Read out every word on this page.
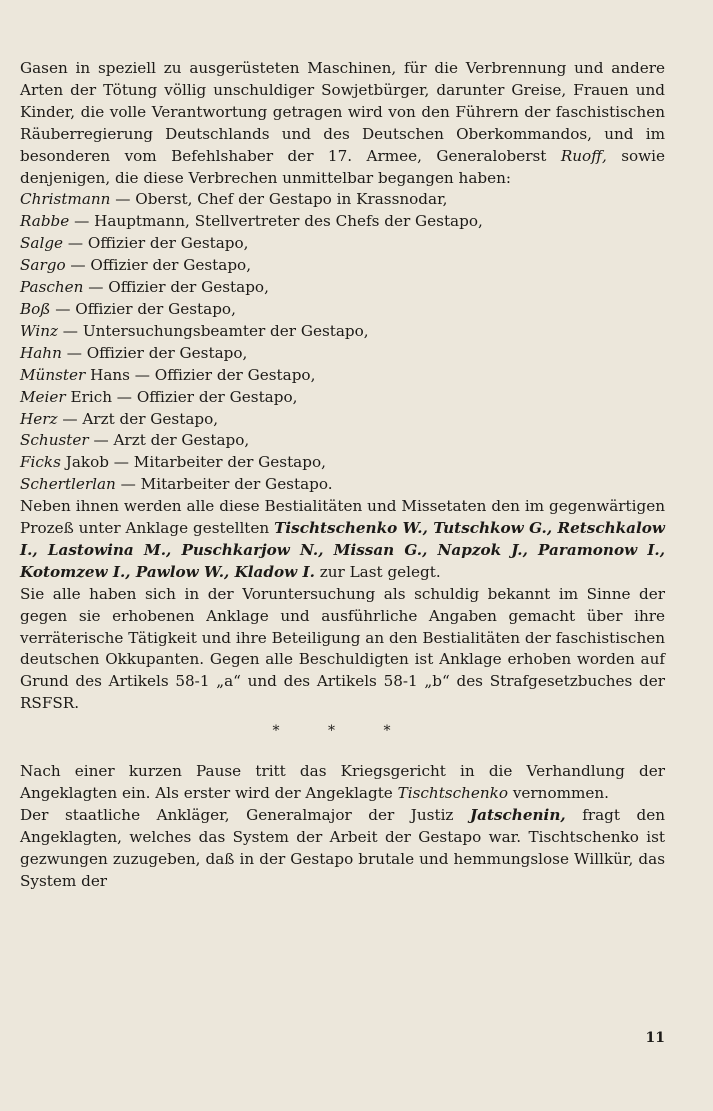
Gasen in speziell zu ausgerüsteten Maschinen, für die Verbrennung und andere Arten der Tötung völlig unschuldiger Sowjetbürger, darunter Greise, Frauen und Kinder, die volle Verantwortung getragen wird von den Führern der faschistischen Räuberregierung Deutschlands und des Deutschen Oberkommandos, und im besonderen vom Befehlshaber der 17. Armee, Generaloberst Ruoff, sowie denjenigen, die diese Verbrechen unmittelbar begangen haben:

Christmann — Oberst, Chef der Gestapo in Krassnodar,
Rabbe — Hauptmann, Stellvertreter des Chefs der Gestapo,
Salge — Offizier der Gestapo,
Sargo — Offizier der Gestapo,
Paschen — Offizier der Gestapo,
Boß — Offizier der Gestapo,
Winz — Untersuchungsbeamter der Gestapo,
Hahn — Offizier der Gestapo,
Münster Hans — Offizier der Gestapo,
Meier Erich — Offizier der Gestapo,
Herz — Arzt der Gestapo,
Schuster — Arzt der Gestapo,
Ficks Jakob — Mitarbeiter der Gestapo,
Schertlerlan — Mitarbeiter der Gestapo.

Neben ihnen werden alle diese Bestialitäten und Missetaten den im gegenwärtigen Prozeß unter Anklage gestellten Tischtschenko W., Tutschkow G., Retschkalow I., Lastowina M., Puschkarjow N., Missan G., Napzok J., Paramonow I., Kotomzew I., Pawlow W., Kladow I. zur Last gelegt.

Sie alle haben sich in der Voruntersuchung als schuldig bekannt im Sinne der gegen sie erhobenen Anklage und ausführliche Angaben gemacht über ihre verräterische Tätigkeit und ihre Beteiligung an den Bestialitäten der faschistischen deutschen Okkupanten. Gegen alle Beschuldigten ist Anklage erhoben worden auf Grund des Artikels 58-1 „a“ und des Artikels 58-1 „b“ des Strafgesetzbuches der RSFSR.

* * *

Nach einer kurzen Pause tritt das Kriegsgericht in die Verhandlung der Angeklagten ein. Als erster wird der Angeklagte Tischtschenko vernommen.

Der staatliche Ankläger, Generalmajor der Justiz Jatschenin, fragt den Angeklagten, welches das System der Arbeit der Gestapo war. Tischtschenko ist gezwungen zuzugeben, daß in der Gestapo brutale und hemmungslose Willkür, das System der

11
